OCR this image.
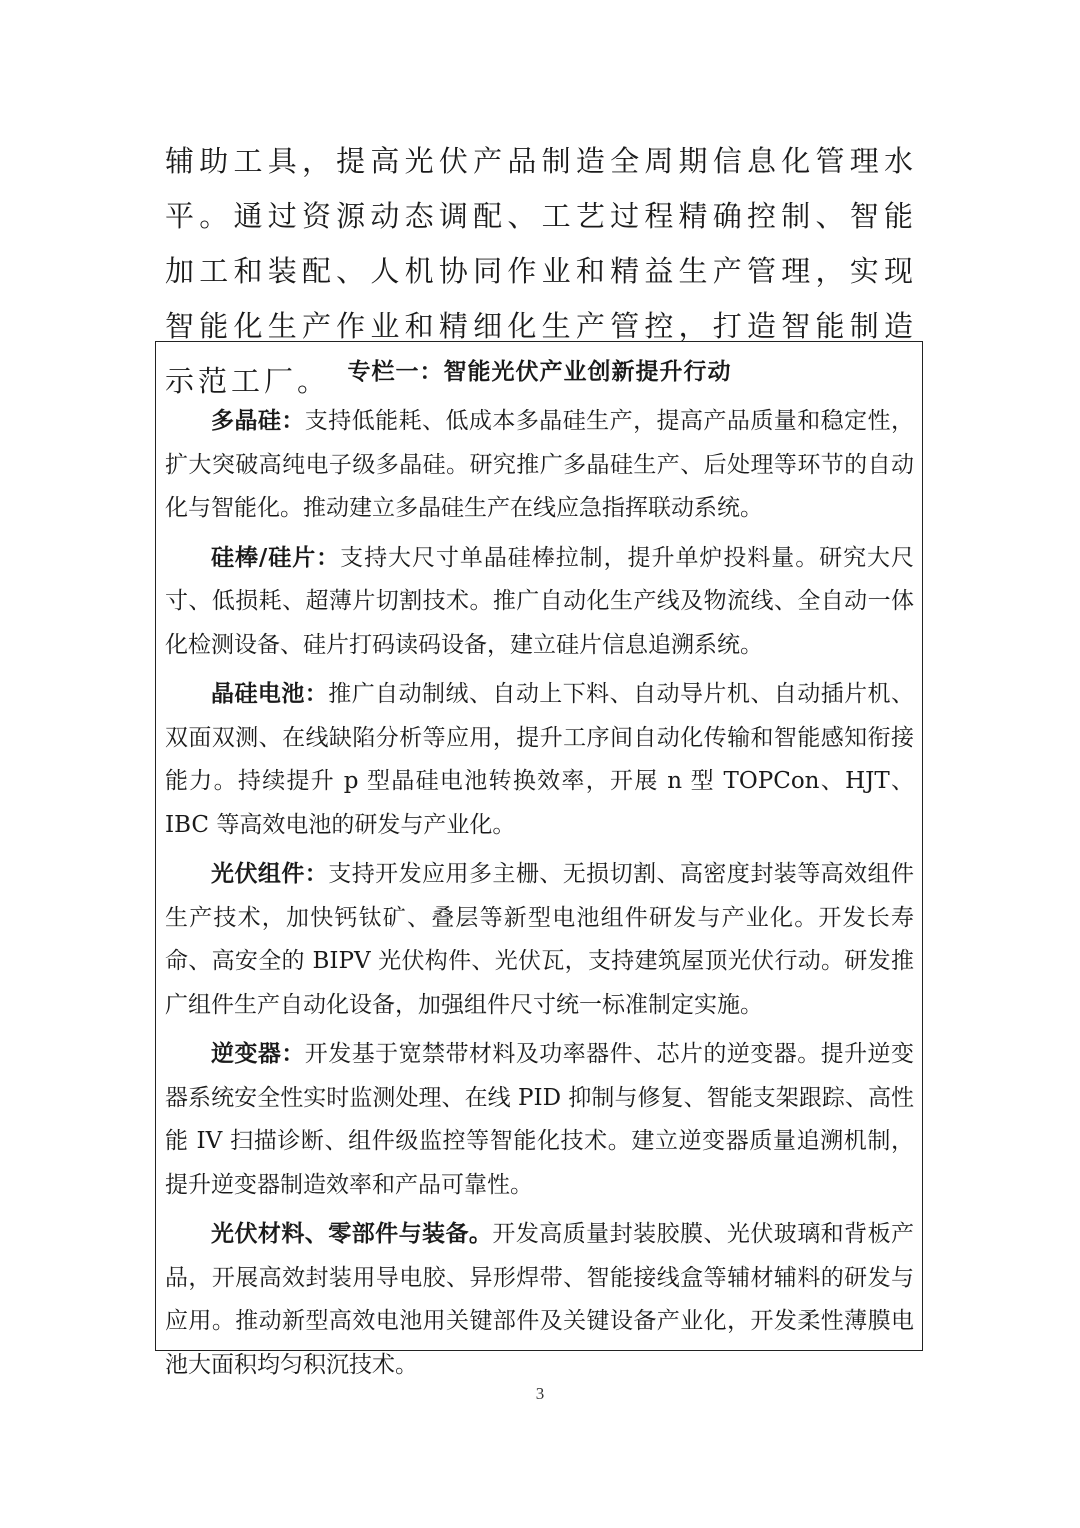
辅助工具，提高光伏产品制造全周期信息化管理水平。通过资源动态调配、工艺过程精确控制、智能加工和装配、人机协同作业和精益生产管理，实现智能化生产作业和精细化生产管控，打造智能制造示范工厂。 专栏一：智能光伏产业创新提升行动

多晶硅：支持低能耗、低成本多晶硅生产，提高产品质量和稳定性，扩大突破高纯电子级多晶硅。研究推广多晶硅生产、后处理等环节的自动化与智能化。推动建立多晶硅生产在线应急指挥联动系统。

硅棒/硅片：支持大尺寸单晶硅棒拉制，提升单炉投料量。研究大尺寸、低损耗、超薄片切割技术。推广自动化生产线及物流线、全自动一体化检测设备、硅片打码读码设备，建立硅片信息追溯系统。

晶硅电池：推广自动制绒、自动上下料、自动导片机、自动插片机、双面双测、在线缺陷分析等应用，提升工序间自动化传输和智能感知衔接能力。持续提升 p 型晶硅电池转换效率，开展 n 型 TOPCon、HJT、IBC 等高效电池的研发与产业化。

光伏组件：支持开发应用多主栅、无损切割、高密度封装等高效组件生产技术，加快钙钛矿、叠层等新型电池组件研发与产业化。开发长寿命、高安全的 BIPV 光伏构件、光伏瓦，支持建筑屋顶光伏行动。研发推广组件生产自动化设备，加强组件尺寸统一标准制定实施。

逆变器：开发基于宽禁带材料及功率器件、芯片的逆变器。提升逆变器系统安全性实时监测处理、在线 PID 抑制与修复、智能支架跟踪、高性能 IV 扫描诊断、组件级监控等智能化技术。建立逆变器质量追溯机制，提升逆变器制造效率和产品可靠性。

光伏材料、零部件与装备。开发高质量封装胶膜、光伏玻璃和背板产品，开展高效封装用导电胶、异形焊带、智能接线盒等辅材辅料的研发与应用。推动新型高效电池用关键部件及关键设备产业化，开发柔性薄膜电池大面积均匀积沉技术。

3
